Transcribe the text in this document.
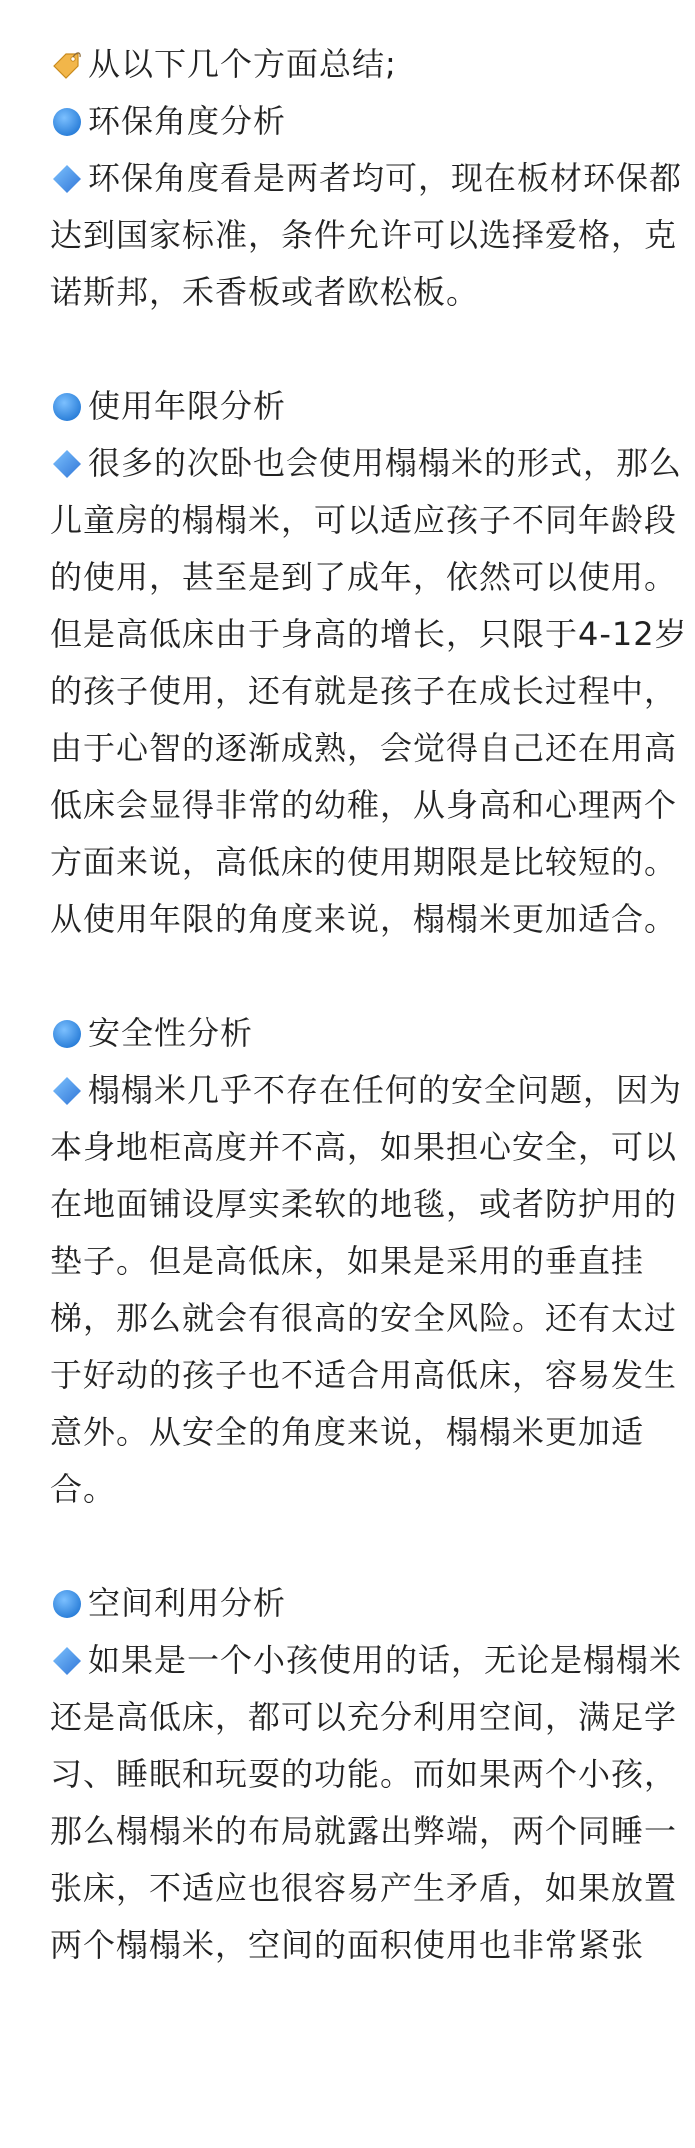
从以下几个方面总结;
环保角度分析
环保角度看是两者均可，现在板材环保都
达到国家标准，条件允许可以选择爱格，克
诺斯邦，禾香板或者欧松板。
使用年限分析
很多的次卧也会使用榻榻米的形式，那么
儿童房的榻榻米，可以适应孩子不同年龄段
的使用，甚至是到了成年，依然可以使用。
但是高低床由于身高的增长，只限于4-12岁
的孩子使用，还有就是孩子在成长过程中，
由于心智的逐渐成熟，会觉得自己还在用高
低床会显得非常的幼稚，从身高和心理两个
方面来说，高低床的使用期限是比较短的。
从使用年限的角度来说，榻榻米更加适合。
安全性分析
榻榻米几乎不存在任何的安全问题，因为
本身地柜高度并不高，如果担心安全，可以
在地面铺设厚实柔软的地毯，或者防护用的
垫子。但是高低床，如果是采用的垂直挂
梯，那么就会有很高的安全风险。还有太过
于好动的孩子也不适合用高低床，容易发生
意外。从安全的角度来说，榻榻米更加适
合。
空间利用分析
如果是一个小孩使用的话，无论是榻榻米
还是高低床，都可以充分利用空间，满足学
习、睡眠和玩耍的功能。而如果两个小孩，
那么榻榻米的布局就露出弊端，两个同睡一
张床，不适应也很容易产生矛盾，如果放置
两个榻榻米，空间的面积使用也非常紧张
